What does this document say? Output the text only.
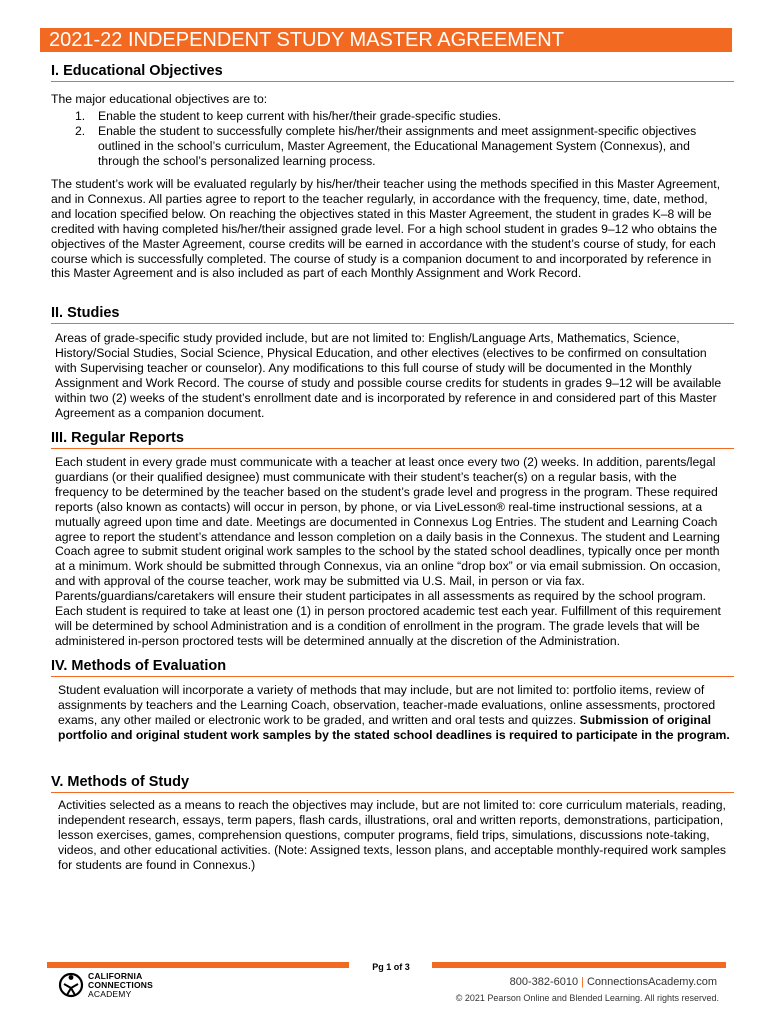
2021-22 INDEPENDENT STUDY MASTER AGREEMENT
I. Educational Objectives

The major educational objectives are to:

1. Enable the student to keep current with his/her/their grade-specific studies.
2. Enable the student to successfully complete his/her/their assignments and meet assignment-specific objectives outlined in the school’s curriculum, Master Agreement, the Educational Management System (Connexus), and through the school’s personalized learning process.

The student’s work will be evaluated regularly by his/her/their teacher using the methods specified in this Master Agreement, and in Connexus. All parties agree to report to the teacher regularly, in accordance with the frequency, time, date, method, and location specified below. On reaching the objectives stated in this Master Agreement, the student in grades K–8 will be credited with having completed his/her/their assigned grade level. For a high school student in grades 9–12 who obtains the objectives of the Master Agreement, course credits will be earned in accordance with the student’s course of study, for each course which is successfully completed. The course of study is a companion document to and incorporated by reference in this Master Agreement and is also included as part of each Monthly Assignment and Work Record.

II. Studies

Areas of grade-specific study provided include, but are not limited to: English/Language Arts, Mathematics, Science, History/Social Studies, Social Science, Physical Education, and other electives (electives to be confirmed on consultation with Supervising teacher or counselor). Any modifications to this full course of study will be documented in the Monthly Assignment and Work Record. The course of study and possible course credits for students in grades 9–12 will be available within two (2) weeks of the student’s enrollment date and is incorporated by reference in and considered part of this Master Agreement as a companion document.

III. Regular Reports

Each student in every grade must communicate with a teacher at least once every two (2) weeks. In addition, parents/legal guardians (or their qualified designee) must communicate with their student’s teacher(s) on a regular basis, with the frequency to be determined by the teacher based on the student’s grade level and progress in the program. These required reports (also known as contacts) will occur in person, by phone, or via LiveLesson® real-time instructional sessions, at a mutually agreed upon time and date. Meetings are documented in Connexus Log Entries. The student and Learning Coach agree to report the student’s attendance and lesson completion on a daily basis in the Connexus. The student and Learning Coach agree to submit student original work samples to the school by the stated school deadlines, typically once per month at a minimum. Work should be submitted through Connexus, via an online “drop box” or via email submission. On occasion, and with approval of the course teacher, work may be submitted via U.S. Mail, in person or via fax. Parents/guardians/caretakers will ensure their student participates in all assessments as required by the school program. Each student is required to take at least one (1) in person proctored academic test each year. Fulfillment of this requirement will be determined by school Administration and is a condition of enrollment in the program. The grade levels that will be administered in-person proctored tests will be determined annually at the discretion of the Administration.

IV. Methods of Evaluation

Student evaluation will incorporate a variety of methods that may include, but are not limited to: portfolio items, review of assignments by teachers and the Learning Coach, observation, teacher-made evaluations, online assessments, proctored exams, any other mailed or electronic work to be graded, and written and oral tests and quizzes. Submission of original portfolio and original student work samples by the stated school deadlines is required to participate in the program.

V. Methods of Study

Activities selected as a means to reach the objectives may include, but are not limited to: core curriculum materials, reading, independent research, essays, term papers, flash cards, illustrations, oral and written reports, demonstrations, participation, lesson exercises, games, comprehension questions, computer programs, field trips, simulations, discussions note-taking, videos, and other educational activities. (Note: Assigned texts, lesson plans, and acceptable monthly-required work samples for students are found in Connexus.)

Pg 1 of 3
CALIFORNIA
CONNECTIONS
ACADEMY
800-382-6010 | ConnectionsAcademy.com
© 2021 Pearson Online and Blended Learning. All rights reserved.
